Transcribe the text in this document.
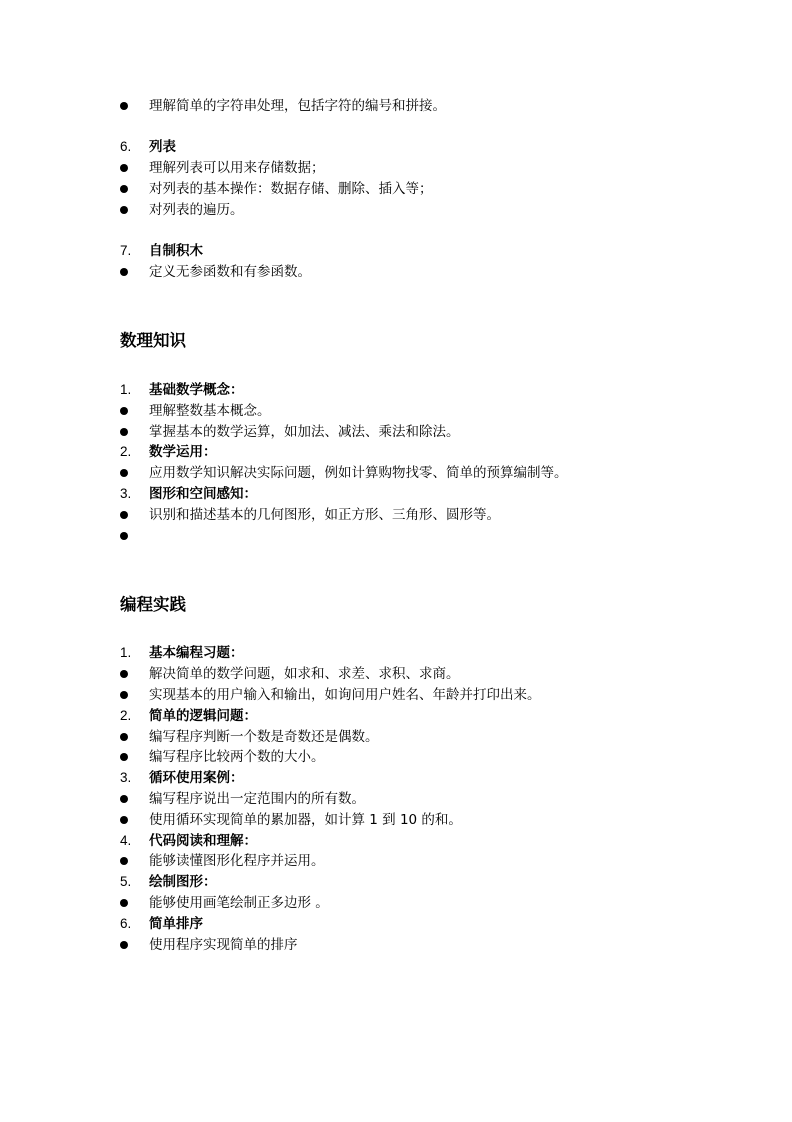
理解简单的字符串处理，包括字符的编号和拼接。
6. 列表
理解列表可以用来存储数据；
对列表的基本操作：数据存储、删除、插入等；
对列表的遍历。
7. 自制积木
定义无参函数和有参函数。
数理知识
1. 基础数学概念：
理解整数基本概念。
掌握基本的数学运算，如加法、减法、乘法和除法。
2. 数学运用：
应用数学知识解决实际问题，例如计算购物找零、简单的预算编制等。
3. 图形和空间感知：
识别和描述基本的几何图形，如正方形、三角形、圆形等。
编程实践
1. 基本编程习题：
解决简单的数学问题，如求和、求差、求积、求商。
实现基本的用户输入和输出，如询问用户姓名、年龄并打印出来。
2. 简单的逻辑问题：
编写程序判断一个数是奇数还是偶数。
编写程序比较两个数的大小。
3. 循环使用案例：
编写程序说出一定范围内的所有数。
使用循环实现简单的累加器，如计算 1 到 10 的和。
4. 代码阅读和理解：
能够读懂图形化程序并运用。
5. 绘制图形：
能够使用画笔绘制正多边形 。
6. 简单排序
使用程序实现简单的排序
